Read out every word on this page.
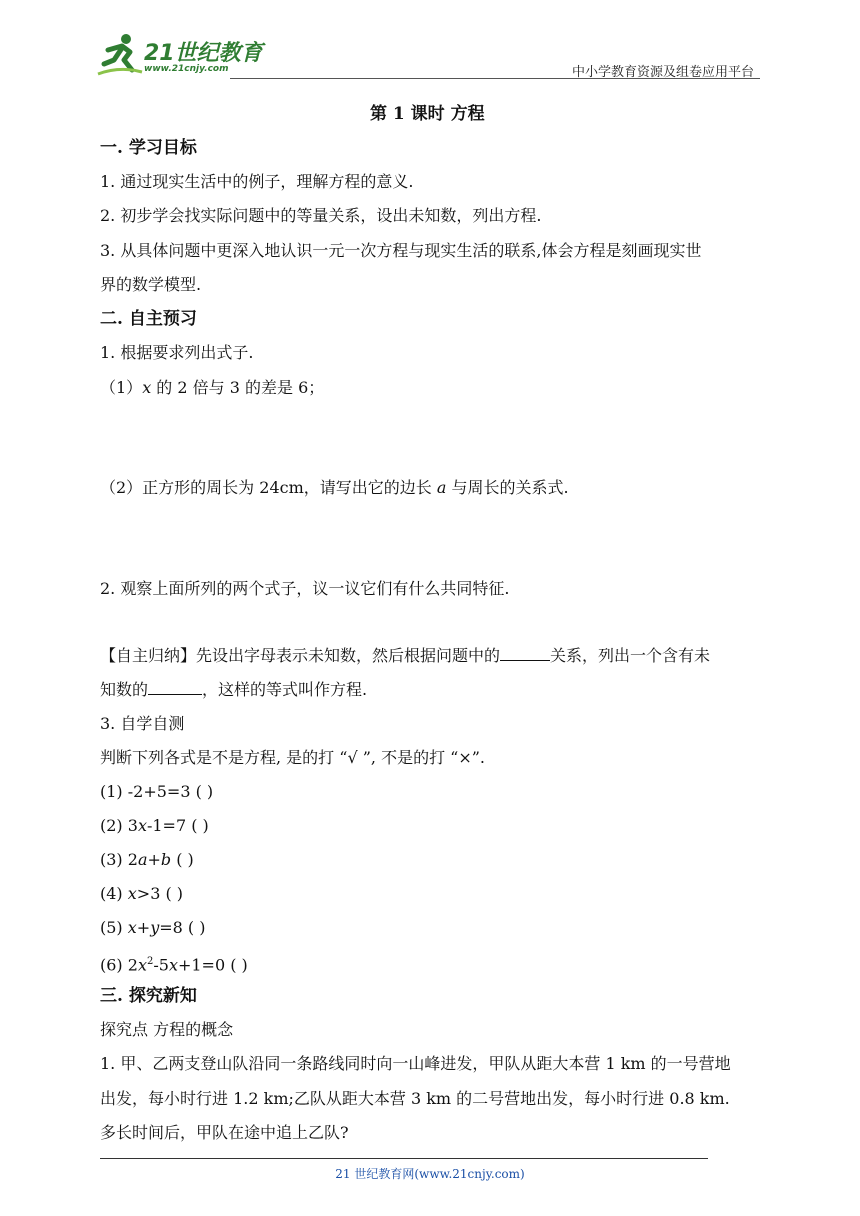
21世纪教育
www.21cnjy.com	中小学教育资源及组卷应用平台
第 1 课时 方程
一. 学习目标
1. 通过现实生活中的例子，理解方程的意义.
2. 初步学会找实际问题中的等量关系，设出未知数，列出方程.
3. 从具体问题中更深入地认识一元一次方程与现实生活的联系,体会方程是刻画现实世
界的数学模型.
二. 自主预习
1. 根据要求列出式子.
（1）x 的 2 倍与 3 的差是 6；
（2）正方形的周长为 24cm，请写出它的边长 a 与周长的关系式.
2. 观察上面所列的两个式子，议一议它们有什么共同特征.
【自主归纳】先设出字母表示未知数，然后根据问题中的	关系，列出一个含有未
知数的	，这样的等式叫作方程.
3. 自学自测
判断下列各式是不是方程, 是的打 “√ ”, 不是的打 “×”.
(1) -2+5=3 ( )
(2) 3x-1=7 ( )
(3) 2a+b ( )
(4) x>3 ( )
(5) x+y=8 ( )
(6) $2x^2-5x+1=0$ ( )
三. 探究新知
探究点 方程的概念
1. 甲、乙两支登山队沿同一条路线同时向一山峰进发，甲队从距大本营 1 km 的一号营地
出发，每小时行进 1.2 km;乙队从距大本营 3 km 的二号营地出发，每小时行进 0.8 km.
多长时间后，甲队在途中追上乙队?
21 世纪教育网(www.21cnjy.com)
